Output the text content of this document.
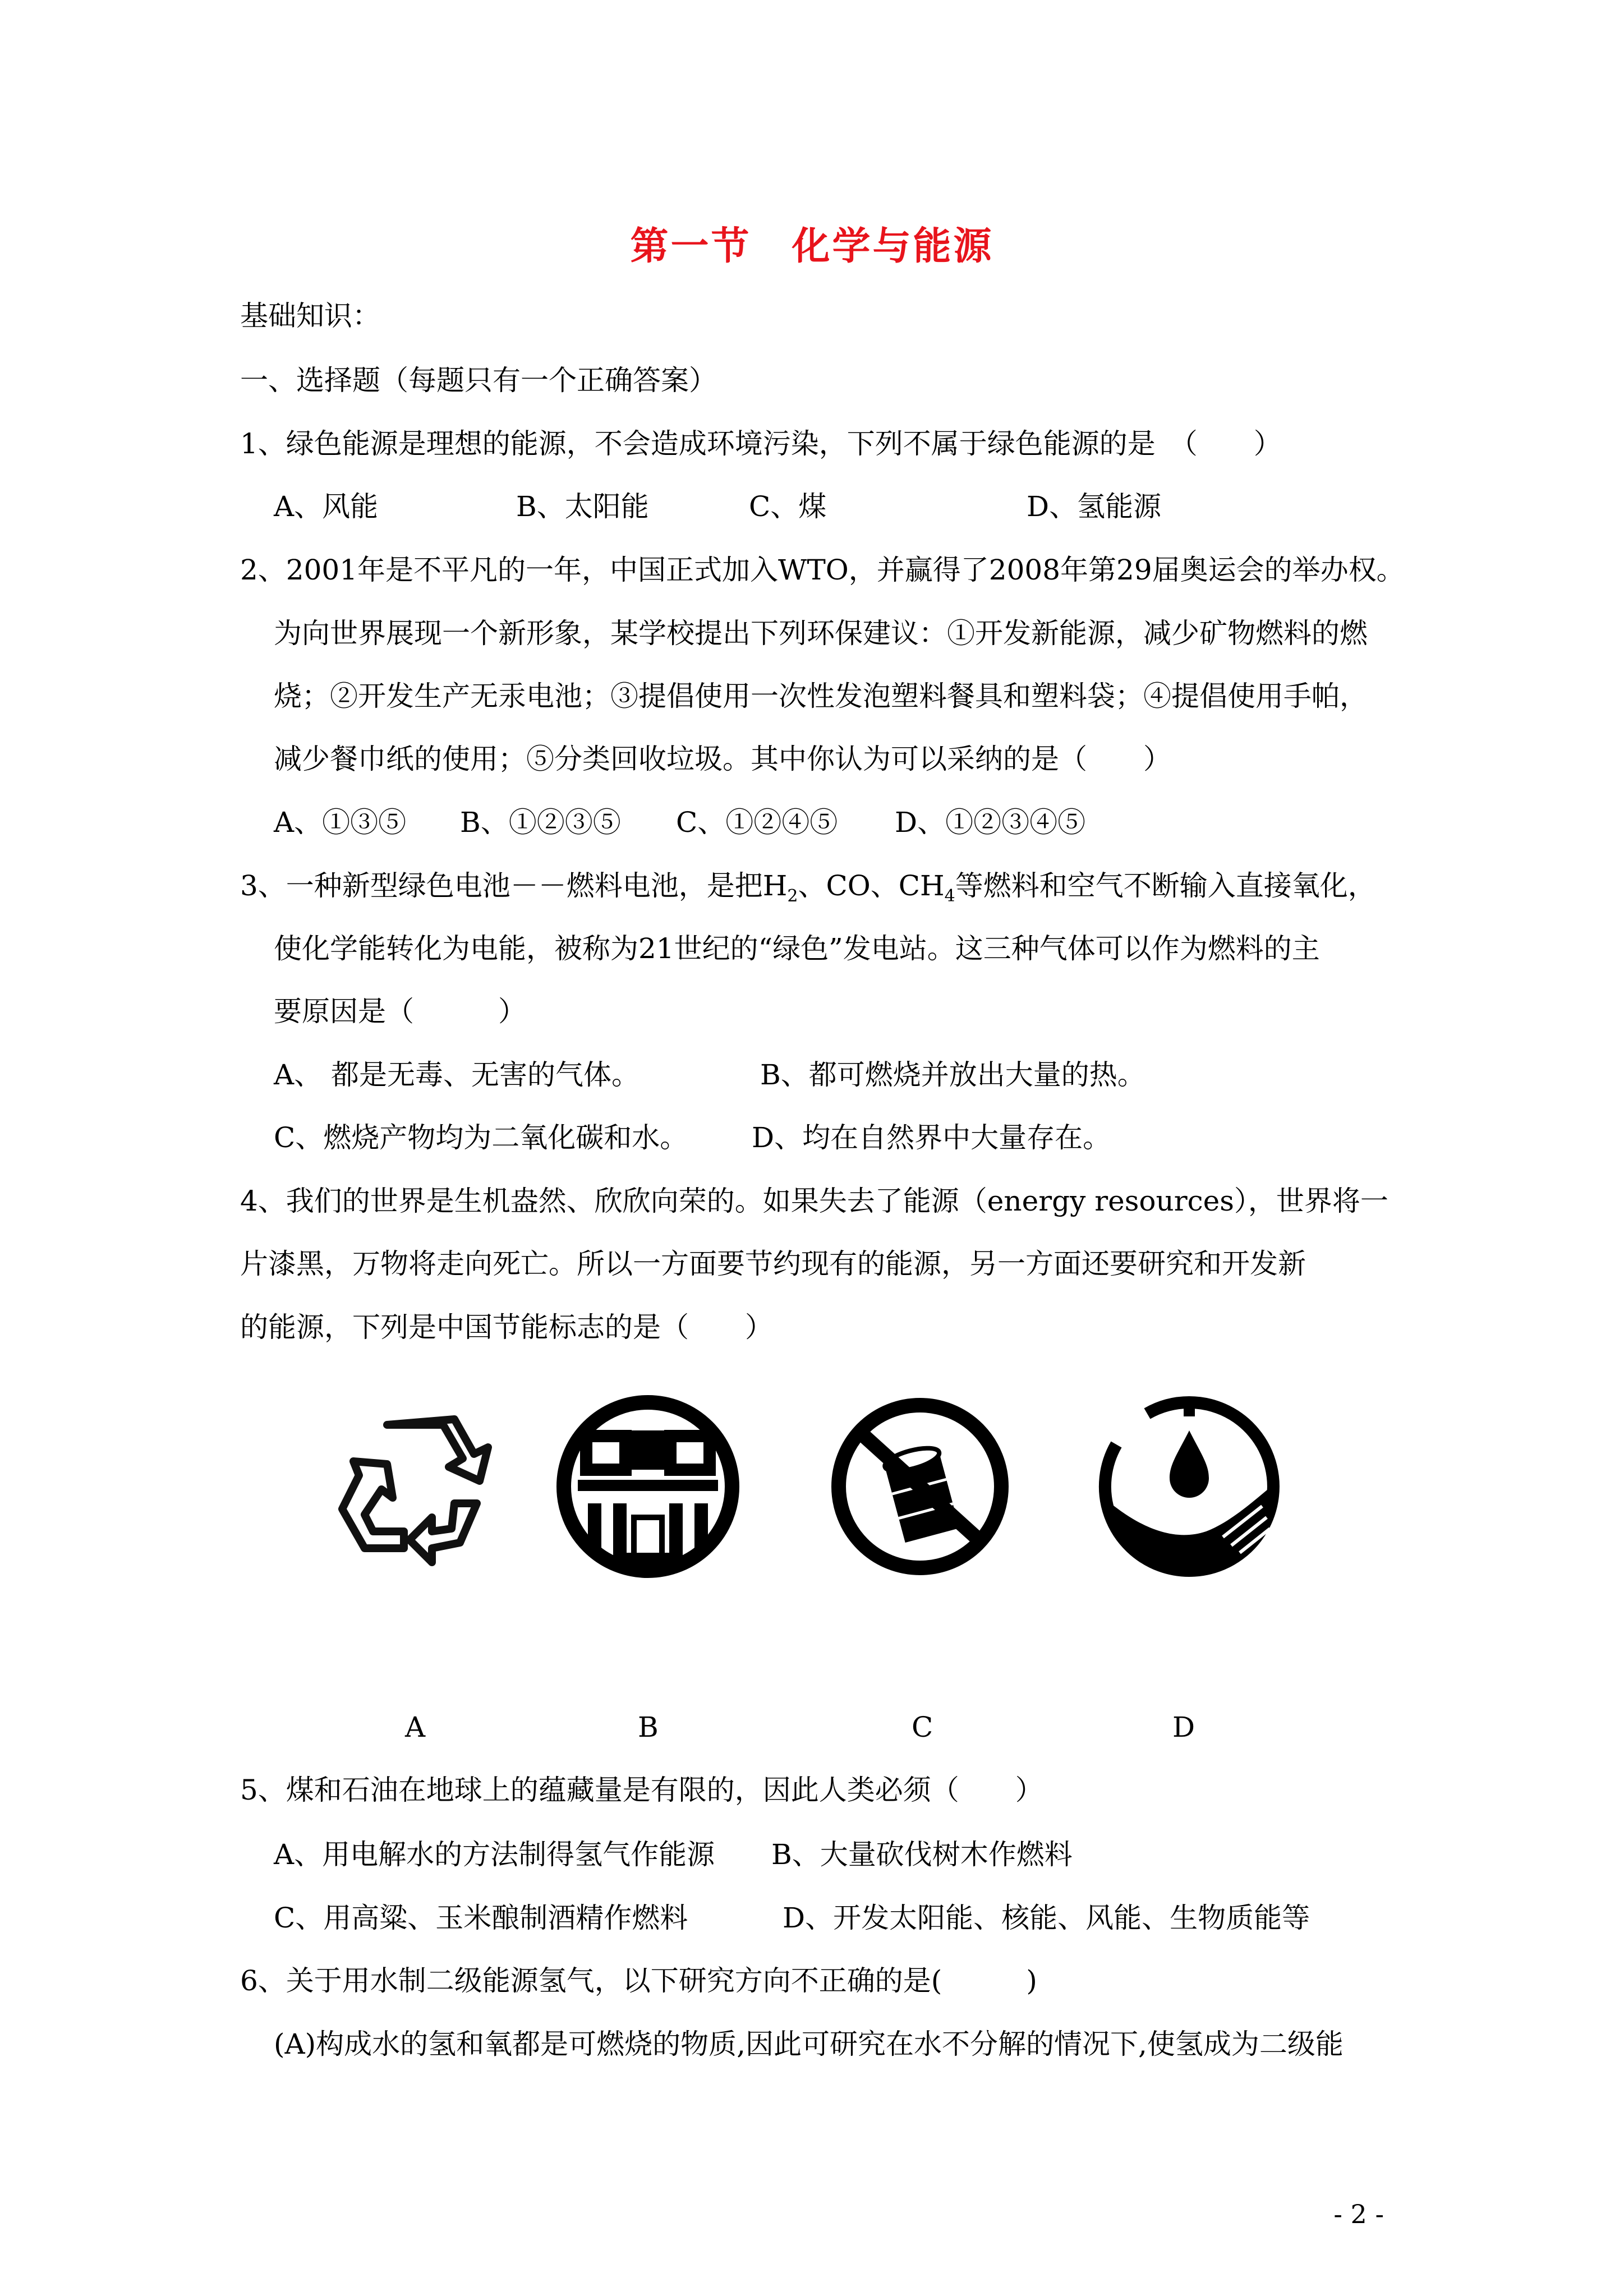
第一节　化学与能源
基础知识：
一、选择题（每题只有一个正确答案）
1、绿色能源是理想的能源，不会造成环境污染，下列不属于绿色能源的是　（　　）
A、风能	B、太阳能	C、煤	D、氢能源
2、2001年是不平凡的一年，中国正式加入WTO，并赢得了2008年第29届奥运会的举办权。
为向世界展现一个新形象，某学校提出下列环保建议：①开发新能源，减少矿物燃料的燃
烧；②开发生产无汞电池；③提倡使用一次性发泡塑料餐具和塑料袋；④提倡使用手帕，
减少餐巾纸的使用；⑤分类回收垃圾。其中你认为可以采纳的是（　　）
A、①③⑤ B、①②③⑤ C、①②④⑤ D、①②③④⑤
3、一种新型绿色电池－－燃料电池，是把$H_2$、CO、$CH_4$等燃料和空气不断输入直接氧化，
使化学能转化为电能，被称为21世纪的“绿色”发电站。这三种气体可以作为燃料的主
要原因是（　　　）
A、 都是无毒、无害的气体。	B、都可燃烧并放出大量的热。
C、燃烧产物均为二氧化碳和水。 D、均在自然界中大量存在。
4、我们的世界是生机盎然、欣欣向荣的。如果失去了能源（energy resources），世界将一
片漆黑，万物将走向死亡。所以一方面要节约现有的能源，另一方面还要研究和开发新
的能源，下列是中国节能标志的是（　　）
A	B	C	D
5、煤和石油在地球上的蕴藏量是有限的，因此人类必须（　　）
A、用电解水的方法制得氢气作能源 B、大量砍伐树木作燃料
C、用高粱、玉米酿制酒精作燃料	D、开发太阳能、核能、风能、生物质能等
6、关于用水制二级能源氢气，以下研究方向不正确的是(　　　)
(A)构成水的氢和氧都是可燃烧的物质,因此可研究在水不分解的情况下,使氢成为二级能
- 2 -
